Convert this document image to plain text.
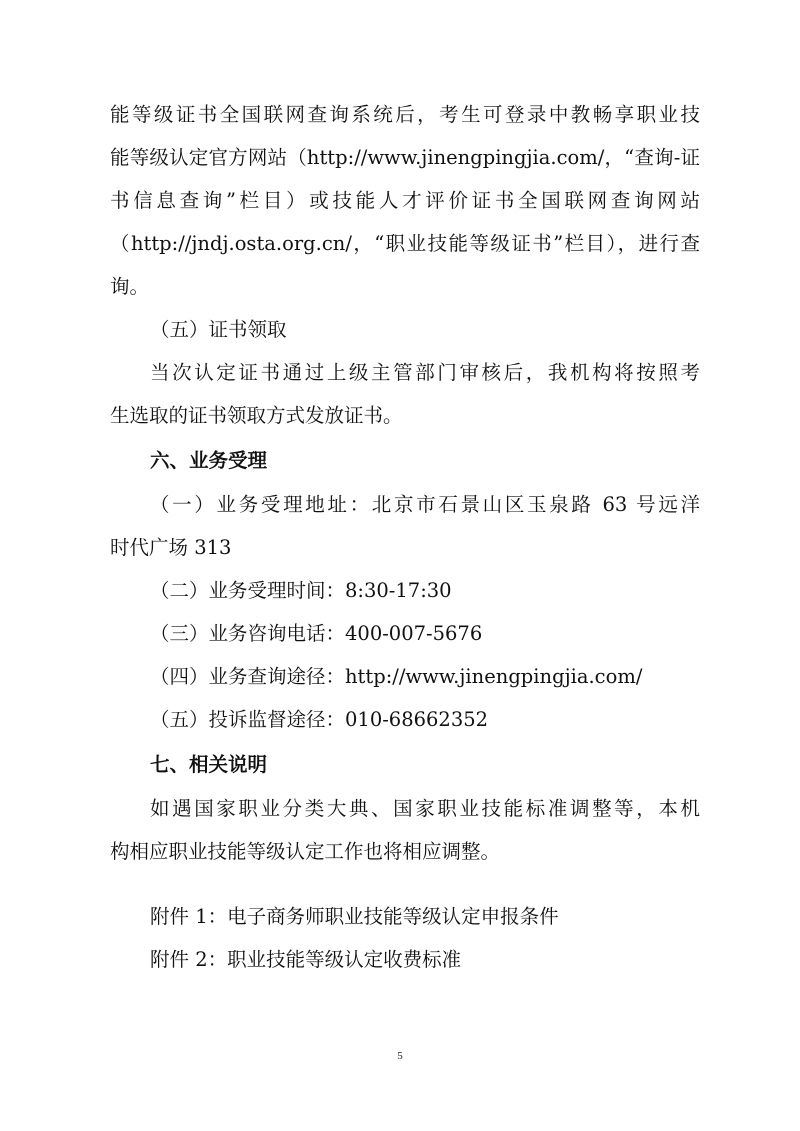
能等级证书全国联网查询系统后，考生可登录中教畅享职业技
能等级认定官方网站（http://www.jinengpingjia.com/，“查询-证
书信息查询”栏目）或技能人才评价证书全国联网查询网站
（http://jndj.osta.org.cn/，“职业技能等级证书”栏目），进行查
询。
（五）证书领取
当次认定证书通过上级主管部门审核后，我机构将按照考
生选取的证书领取方式发放证书。
六、业务受理
（一）业务受理地址：北京市石景山区玉泉路 63 号远洋
时代广场 313
（二）业务受理时间：8:30-17:30
（三）业务咨询电话：400-007-5676
（四）业务查询途径：http://www.jinengpingjia.com/
（五）投诉监督途径：010-68662352
七、相关说明
如遇国家职业分类大典、国家职业技能标准调整等，本机
构相应职业技能等级认定工作也将相应调整。
附件 1：电子商务师职业技能等级认定申报条件
附件 2：职业技能等级认定收费标准
5
